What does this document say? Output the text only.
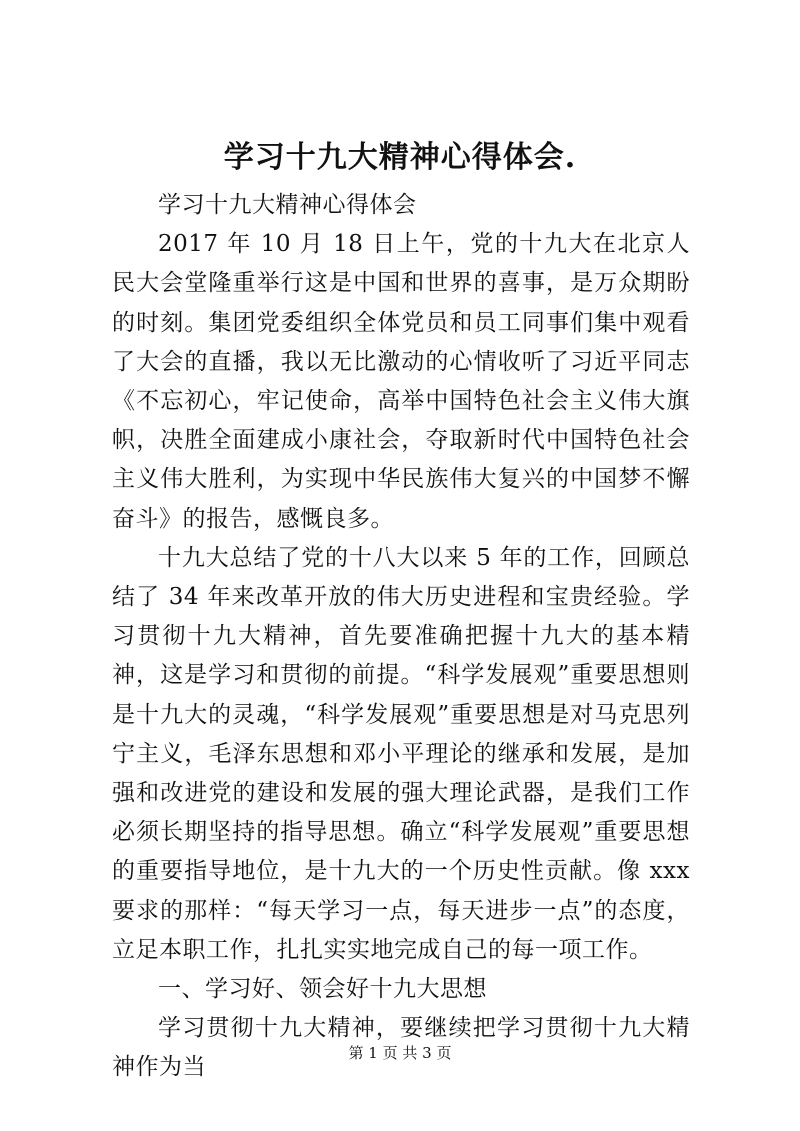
学习十九大精神心得体会.

学习十九大精神心得体会

2017 年 10 月 18 日上午，党的十九大在北京人民大会堂隆重举行这是中国和世界的喜事，是万众期盼的时刻。集团党委组织全体党员和员工同事们集中观看了大会的直播，我以无比激动的心情收听了习近平同志《不忘初心，牢记使命，高举中国特色社会主义伟大旗帜，决胜全面建成小康社会，夺取新时代中国特色社会主义伟大胜利，为实现中华民族伟大复兴的中国梦不懈奋斗》的报告，感慨良多。

十九大总结了党的十八大以来 5 年的工作，回顾总结了 34 年来改革开放的伟大历史进程和宝贵经验。学习贯彻十九大精神，首先要准确把握十九大的基本精神，这是学习和贯彻的前提。“科学发展观”重要思想则是十九大的灵魂，“科学发展观”重要思想是对马克思列宁主义，毛泽东思想和邓小平理论的继承和发展，是加强和改进党的建设和发展的强大理论武器，是我们工作必须长期坚持的指导思想。确立“科学发展观”重要思想的重要指导地位，是十九大的一个历史性贡献。像 xxx 要求的那样：“每天学习一点，每天进步一点”的态度，立足本职工作，扎扎实实地完成自己的每一项工作。

一、学习好、领会好十九大思想

学习贯彻十九大精神，要继续把学习贯彻十九大精神作为当

第 1 页 共 3 页
